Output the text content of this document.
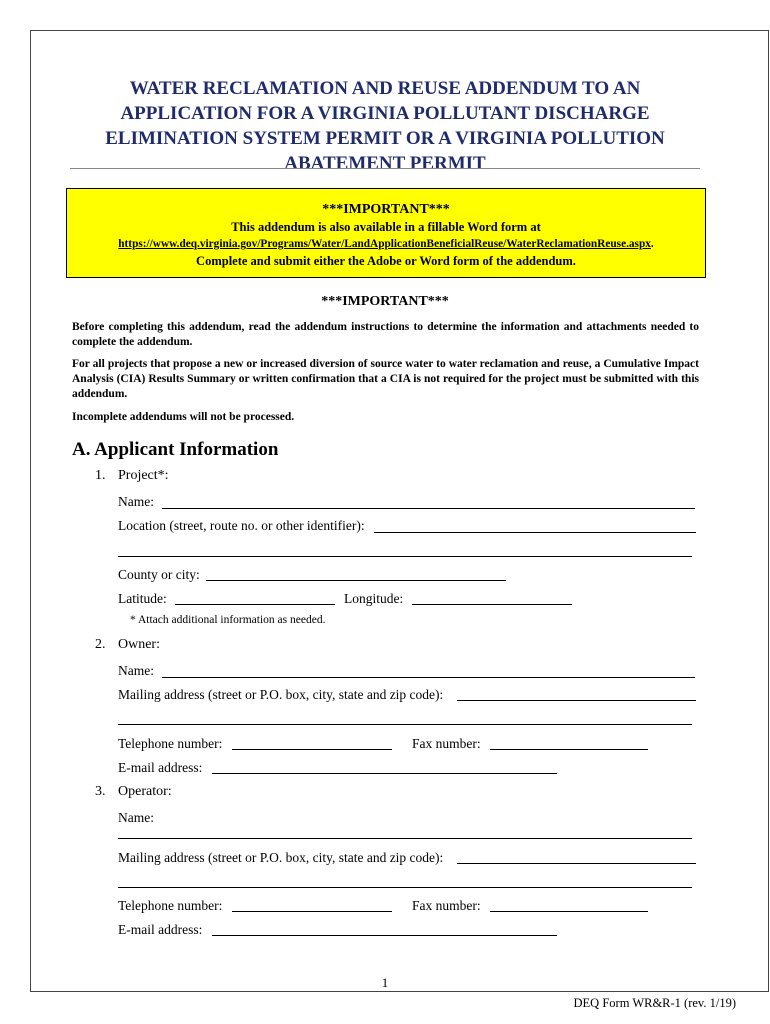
WATER RECLAMATION AND REUSE ADDENDUM TO AN APPLICATION FOR A VIRGINIA POLLUTANT DISCHARGE ELIMINATION SYSTEM PERMIT OR A VIRGINIA POLLUTION ABATEMENT PERMIT
***IMPORTANT***
This addendum is also available in a fillable Word form at
https://www.deq.virginia.gov/Programs/Water/LandApplicationBeneficialReuse/WaterReclamationReuse.aspx.
Complete and submit either the Adobe or Word form of the addendum.
***IMPORTANT***

Before completing this addendum, read the addendum instructions to determine the information and attachments needed to complete the addendum.

For all projects that propose a new or increased diversion of source water to water reclamation and reuse, a Cumulative Impact Analysis (CIA) Results Summary or written confirmation that a CIA is not required for the project must be submitted with this addendum.

Incomplete addendums will not be processed.

A. Applicant Information
1. Project*:
Name:
Location (street, route no. or other identifier):
County or city:
Latitude:	Longitude:
* Attach additional information as needed.
2. Owner:
Name:
Mailing address (street or P.O. box, city, state and zip code):
Telephone number:	Fax number:
E-mail address:
3. Operator:
Name:
Mailing address (street or P.O. box, city, state and zip code):
Telephone number:	Fax number:
E-mail address:
1
DEQ Form WR&R-1 (rev. 1/19)
